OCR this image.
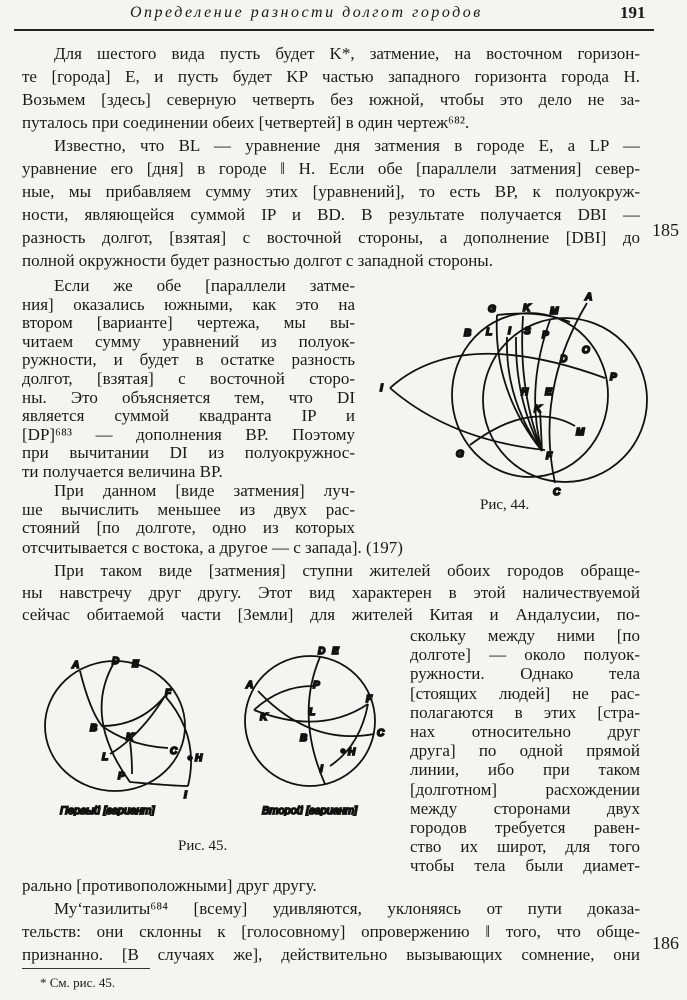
Определение разности долгот городов	191
Для шестого вида пусть будет K*, затмение, на восточном горизон-
те [города] E, и пусть будет KP частью западного горизонта города H.
Возьмем [здесь] северную четверть без южной, чтобы это дело не за-
путалось при соединении обеих [четвертей] в один чертеж⁶⁸².
Известно, что BL — уравнение дня затмения в городе E, а LP —
уравнение его [дня] в городе ‖ H. Если обе [параллели затмения] север-
ные, мы прибавляем сумму этих [уравнений], то есть BP, к полуокруж-
ности, являющейся суммой IP и BD. В результате получается DBI —
разность долгот, [взятая] с восточной стороны, а дополнение [DBI] до
полной окружности будет разностью долгот с западной стороны.
185
Если же обе [параллели затме-
ния] оказались южными, как это на
втором [варианте] чертежа, мы вы-
читаем сумму уравнений из полуок-
ружности, и будет в остатке разность
долгот, [взятая] с восточной сторо-
ны. Это объясняется тем, что DI
является суммой квадранта IP и
[DP]⁶⁸³ — дополнения BP. Поэтому
при вычитании DI из полуокружнос-
ти получается величина BP.
При данном [виде затмения] луч-
ше вычислить меньшее из двух рас-
стояний [по долготе, одно из которых
отсчитывается с востока, а другое — с запада]. (197)
При таком виде [затмения] ступни жителей обоих городов обраще-
ны навстречу друг другу. Этот вид характерен в этой наличествуемой
сейчас обитаемой части [Земли] для жителей Китая и Андалусии, по-
скольку между ними [по
долготе] — около полуок-
ружности. Однако тела
[стоящих людей] не рас-
полагаются в этих [стра-
нах относительно друг
друга] по одной прямой
линии, ибо при таком
[долготном] расхождении
между сторонами двух
городов требуется равен-
ство их широт, для того
чтобы тела были диамет-
рально [противоположными] друг другу.
Муʻтазилиты⁶⁸⁴ [всему] удивляются, уклоняясь от пути доказа-
тельств: они склонны к [голосовному] опровержению ‖ того, что обще-
признанно. [В случаях же], действительно вызывающих сомнение, они
186
G	K M
A
B L I S P
O
D
P
I	H E
K
M
G	F
C
Рис, 44.
A	D E
F
B
K
L
C
H
P
I
Первый [вариант]
D E
A	P
F
K	L
B	C
H
I
Второй [вариант]
Рис. 45.
* См. рис. 45.
